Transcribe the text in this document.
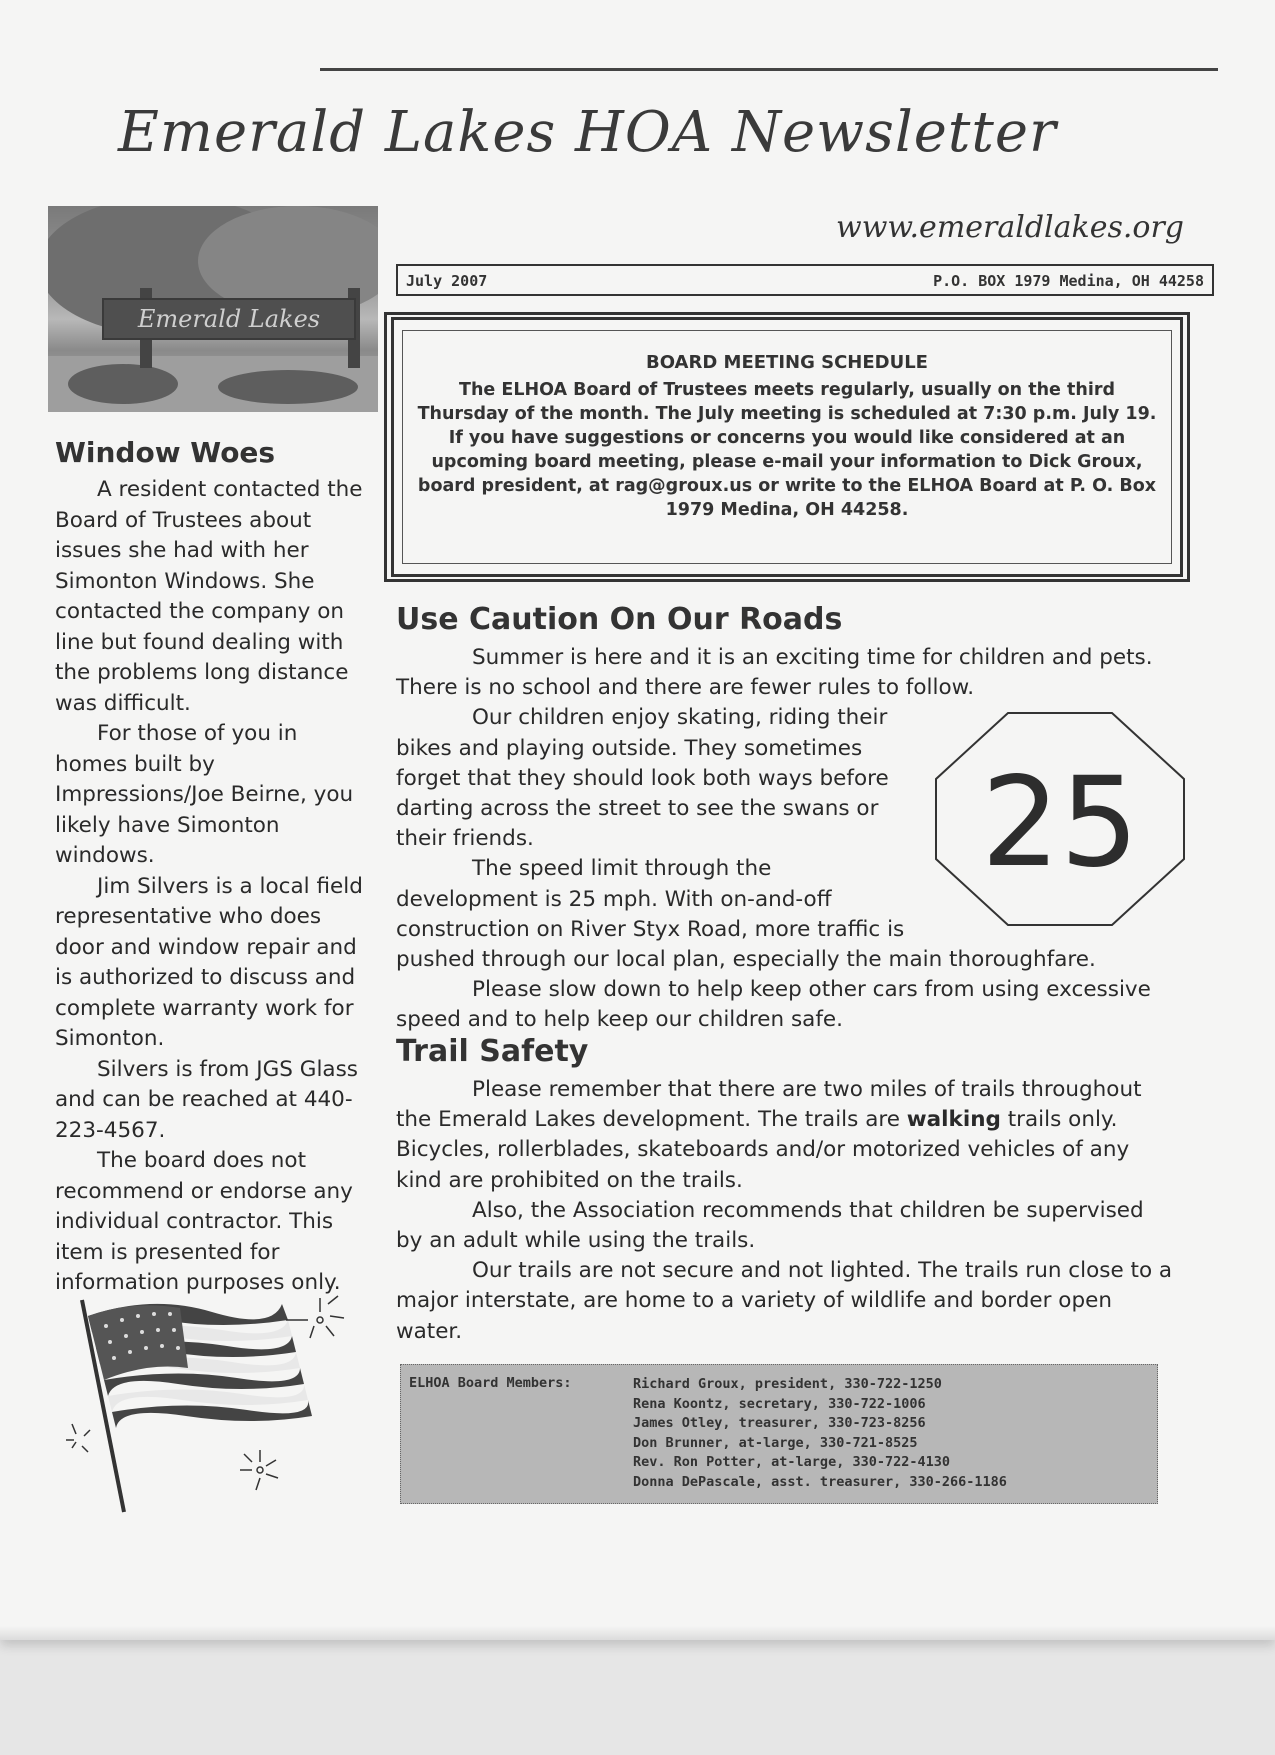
Emerald Lakes HOA Newsletter
www.emeraldlakes.org
July 2007	P.O. BOX 1979 Medina, OH 44258
Emerald Lakes
Window Woes

A resident contacted the Board of Trustees about issues she had with her Simonton Windows. She contacted the company on line but found dealing with the problems long distance was difficult.

For those of you in homes built by Impressions/Joe Beirne, you likely have Simonton windows.

Jim Silvers is a local field representative who does door and window repair and is authorized to discuss and complete warranty work for Simonton.

Silvers is from JGS Glass and can be reached at 440-223-4567.

The board does not recommend or endorse any individual contractor. This item is presented for information purposes only.

BOARD MEETING SCHEDULE
The ELHOA Board of Trustees meets regularly, usually on the third Thursday of the month. The July meeting is scheduled at 7:30 p.m. July 19. If you have suggestions or concerns you would like considered at an upcoming board meeting, please e-mail your information to Dick Groux, board president, at rag@groux.us or write to the ELHOA Board at P. O. Box 1979 Medina, OH 44258.
Use Caution On Our Roads

Summer is here and it is an exciting time for children and pets. There is no school and there are fewer rules to follow.

25

Our children enjoy skating, riding their bikes and playing outside. They sometimes forget that they should look both ways before darting across the street to see the swans or their friends.

The speed limit through the development is 25 mph. With on-and-off construction on River Styx Road, more traffic is pushed through our local plan, especially the main thoroughfare.

Please slow down to help keep other cars from using excessive speed and to help keep our children safe.

Trail Safety

Please remember that there are two miles of trails throughout the Emerald Lakes development. The trails are walking trails only. Bicycles, rollerblades, skateboards and/or motorized vehicles of any kind are prohibited on the trails.

Also, the Association recommends that children be supervised by an adult while using the trails.

Our trails are not secure and not lighted. The trails run close to a major interstate, are home to a variety of wildlife and border open water.

ELHOA Board Members:	Richard Groux, president, 330-722-1250
Rena Koontz, secretary, 330-722-1006
James Otley, treasurer, 330-723-8256
Don Brunner, at-large, 330-721-8525
Rev. Ron Potter, at-large, 330-722-4130
Donna DePascale, asst. treasurer, 330-266-1186
